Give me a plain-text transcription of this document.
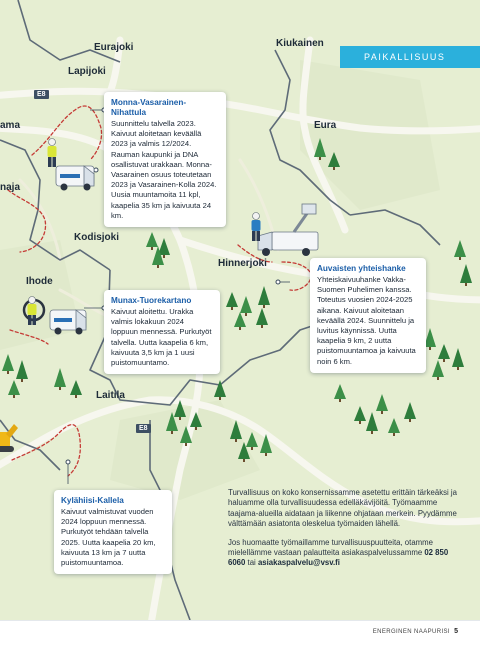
Eurajoki	Kiukainen
Lapijoki
ama	Eura
naja
Kodisjoki
Hinnerjoki
Ihode
Laitila
E8
E8
PAIKALLISUUS
Monna-Vasarainen-Nihattula
Suunnittelu talvella 2023. Kaivuut aloitetaan keväällä 2023 ja valmis 12/2024. Rauman kaupunki ja DNA osallistuvat urakkaan. Monna-Vasarainen osuus toteutetaan 2023 ja Vasarainen-Kolla 2024. Uusia muuntamoita 11 kpl, kaapelia 35 km ja kaivuuta 24 km.
Auvaisten yhteishanke
Yhteiskaivuuhanke Vakka-Suomen Puhelimen kanssa. Toteutus vuosien 2024-2025 aikana. Kaivuut aloitetaan keväällä 2024. Suunnittelu ja luvitus käynnissä. Uutta kaapelia 9 km, 2 uutta puistomuuntamoa ja kaivuuta noin 6 km.
Munax-Tuorekartano
Kaivuut aloitettu. Urakka valmis lokakuun 2024 loppuun mennessä. Purkutyöt talvella. Uutta kaapelia 6 km, kaivuuta 3,5 km ja 1 uusi puistomuuntamo.
Kylähiisi-Kallela
Kaivuut valmistuvat vuoden 2024 loppuun mennessä. Purkutyöt tehdään talvella 2025. Uutta kaapelia 20 km, kaivuuta 13 km ja 7 uutta puistomuuntamoa.

Turvallisuus on koko konsernissamme asetettu erittäin tärkeäksi ja haluamme olla turvallisuudessa edelläkävijöitä. Työmaamme taajama-alueilla aidataan ja liikenne ohjataan merkein. Pyydämme välttämään asiatonta oleskelua työmaiden lähellä.

Jos huomaatte työmaillamme turvallisuuspuutteita, otamme mielellämme vastaan palautteita asiakaspalvelussamme 02 850 6060 tai asiakaspalvelu@vsv.fi

ENERGINEN NAAPURISI 5
